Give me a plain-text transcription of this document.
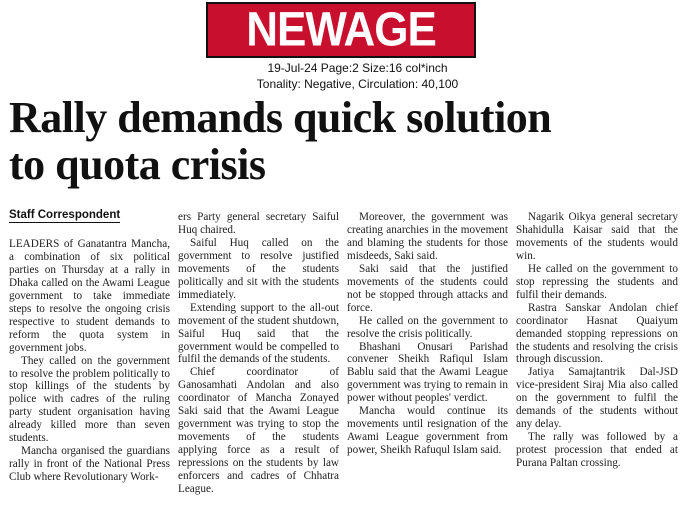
NEWAGE
19-Jul-24 Page:2 Size:16 col*inch
Tonality: Negative, Circulation: 40,100
Rally demands quick solution
to quota crisis
Staff Correspondent

LEADERS of Ganatantra Mancha, a combination of six political parties on Thursday at a rally in Dhaka called on the Awami League government to take immediate steps to resolve the ongoing crisis respective to student demands to reform the quota system in government jobs.

They called on the government to resolve the problem politically to stop killings of the students by police with cadres of the ruling party student organisation having already killed more than seven students.

Mancha organised the guardians rally in front of the National Press Club where Revolutionary Work-

ers Party general secretary Saiful Huq chaired.

Saiful Huq called on the government to resolve justified movements of the students politically and sit with the students immediately.

Extending support to the all-out movement of the student shutdown, Saiful Huq said that the government would be compelled to fulfil the demands of the students.

Chief coordinator of Ganosamhati Andolan and also coordinator of Mancha Zonayed Saki said that the Awami League government was trying to stop the movements of the students applying force as a result of repressions on the students by law enforcers and cadres of Chhatra League.

Moreover, the government was creating anarchies in the movement and blaming the students for those misdeeds, Saki said.

Saki said that the justified movements of the students could not be stopped through attacks and force.

He called on the government to resolve the crisis politically.

Bhashani Onusari Parishad convener Sheikh Rafiqul Islam Bablu said that the Awami League government was trying to remain in power without peoples' verdict.

Mancha would continue its movements until resignation of the Awami League government from power, Sheikh Rafuqul Islam said.

Nagarik Oikya general secretary Shahidulla Kaisar said that the movements of the students would win.

He called on the government to stop repressing the students and fulfil their demands.

Rastra Sanskar Andolan chief coordinator Hasnat Quaiyum demanded stopping repressions on the students and resolving the crisis through discussion.

Jatiya Samajtantrik Dal-JSD vice-president Siraj Mia also called on the government to fulfil the demands of the students without any delay.

The rally was followed by a protest procession that ended at Purana Paltan crossing.
